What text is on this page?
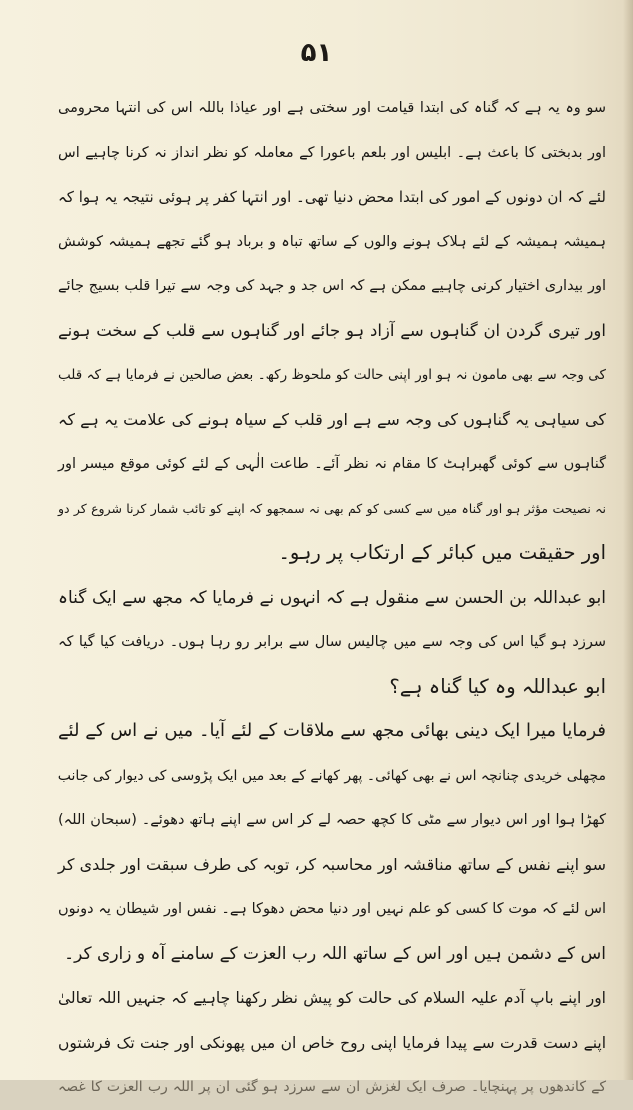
۵۱
سو وہ یہ ہے کہ گناہ کی ابتدا قیامت اور سختی ہے اور عیاذا باللہ اس کی انتہا محرومی
اور بدبختی کا باعث ہے۔ ابلیس اور بلعم باعورا کے معاملہ کو نظر انداز نہ کرنا چاہیے اس
لئے کہ ان دونوں کے امور کی ابتدا محض دنیا تھی۔ اور انتہا کفر پر ہوئی نتیجہ یہ ہوا کہ
ہمیشہ ہمیشہ کے لئے ہلاک ہونے والوں کے ساتھ تباہ و برباد ہو گئے تجھے ہمیشہ کوشش
اور بیداری اختیار کرنی چاہیے ممکن ہے کہ اس جد و جہد کی وجہ سے تیرا قلب بسیج جائے
اور تیری گردن ان گناہوں سے آزاد ہو جائے اور گناہوں سے قلب کے سخت ہونے
کی وجہ سے بھی مامون نہ ہو اور اپنی حالت کو ملحوظ رکھ۔ بعض صالحین نے فرمایا ہے کہ قلب
کی سیاہی یہ گناہوں کی وجہ سے ہے اور قلب کے سیاہ ہونے کی علامت یہ ہے کہ
گناہوں سے کوئی گھبراہٹ کا مقام نہ نظر آئے۔ طاعت الٰہی کے لئے کوئی موقع میسر اور
نہ نصیحت مؤثر ہو اور گناہ میں سے کسی کو کم بھی نہ سمجھو کہ اپنے کو تائب شمار کرنا شروع کر دو
اور حقیقت میں کبائر کے ارتکاب پر رہو۔
ابو عبداللہ بن الحسن سے منقول ہے کہ انہوں نے فرمایا کہ مجھ سے ایک گناہ
سرزد ہو گیا اس کی وجہ سے میں چالیس سال سے برابر رو رہا ہوں۔ دریافت کیا گیا کہ
ابو عبداللہ وہ کیا گناہ ہے؟
فرمایا میرا ایک دینی بھائی مجھ سے ملاقات کے لئے آیا۔ میں نے اس کے لئے
مچھلی خریدی چنانچہ اس نے بھی کھائی۔ پھر کھانے کے بعد میں ایک پڑوسی کی دیوار کی جانب
کھڑا ہوا اور اس دیوار سے مٹی کا کچھ حصہ لے کر اس سے اپنے ہاتھ دھوئے۔ (سبحان اللہ)
سو اپنے نفس کے ساتھ مناقشہ اور محاسبہ کر، توبہ کی طرف سبقت اور جلدی کر
اس لئے کہ موت کا کسی کو علم نہیں اور دنیا محض دھوکا ہے۔ نفس اور شیطان یہ دونوں
اس کے دشمن ہیں اور اس کے ساتھ اللہ رب العزت کے سامنے آہ و زاری کر۔
اور اپنے باپ آدم علیہ السلام کی حالت کو پیش نظر رکھنا چاہیے کہ جنہیں اللہ تعالیٰ
اپنے دست قدرت سے پیدا فرمایا اپنی روح خاص ان میں پھونکی اور جنت تک فرشتوں
کے کاندھوں پر پہنچایا۔ صرف ایک لغزش ان سے سرزد ہو گئی ان پر اللہ رب العزت کا غصہ
